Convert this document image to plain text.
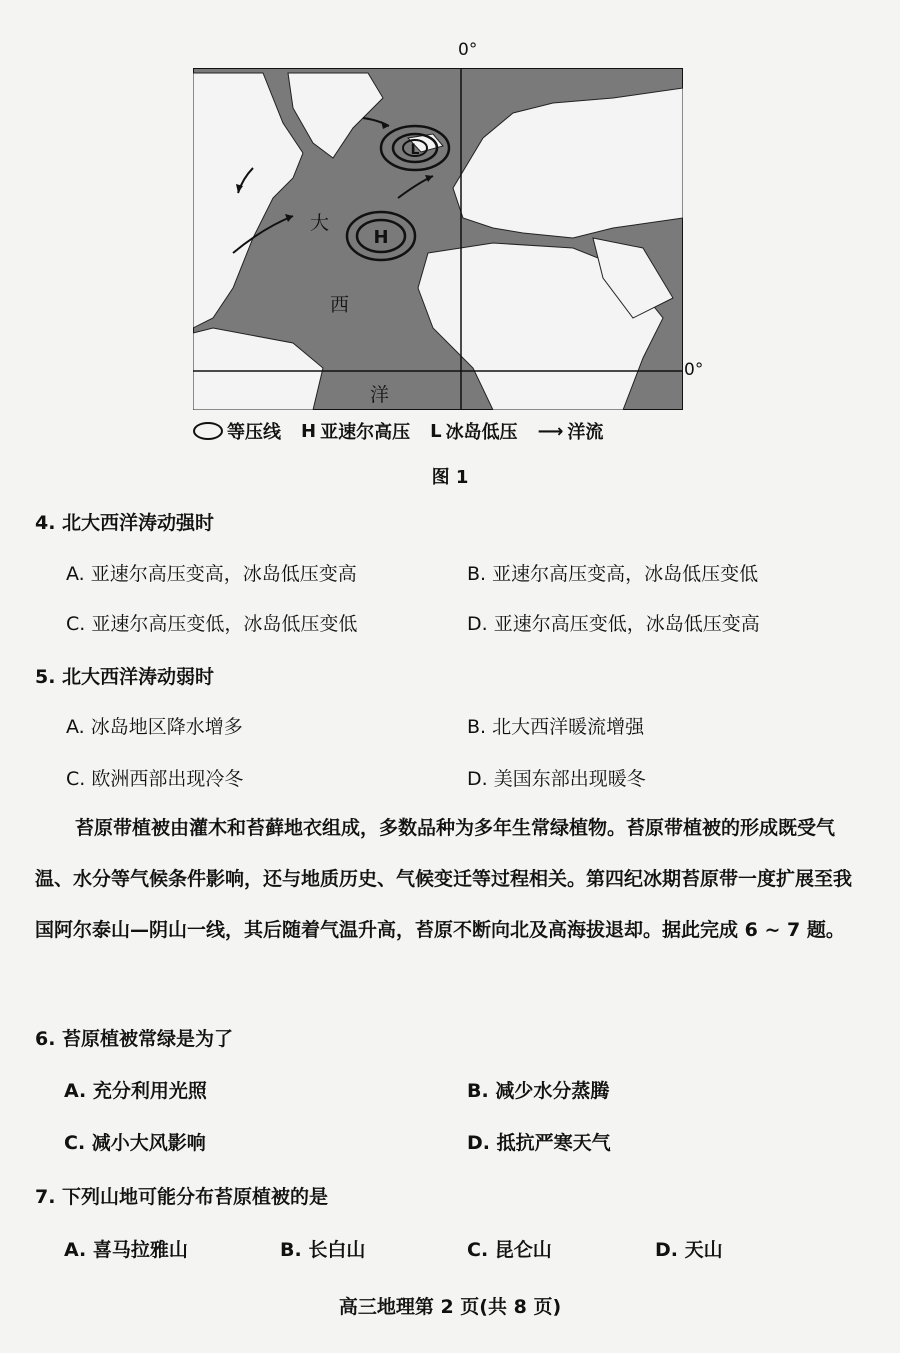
0°
H
L
大
西
洋
0°
等压线 H 亚速尔高压 L 冰岛低压 ⟶ 洋流
图 1
4. 北大西洋涛动强时
A. 亚速尔高压变高，冰岛低压变高	B. 亚速尔高压变高，冰岛低压变低
C. 亚速尔高压变低，冰岛低压变低	D. 亚速尔高压变低，冰岛低压变高
5. 北大西洋涛动弱时
A. 冰岛地区降水增多	B. 北大西洋暖流增强
C. 欧洲西部出现冷冬	D. 美国东部出现暖冬
苔原带植被由灌木和苔藓地衣组成，多数品种为多年生常绿植物。苔原带植被的形成既受气温、水分等气候条件影响，还与地质历史、气候变迁等过程相关。第四纪冰期苔原带一度扩展至我国阿尔泰山—阴山一线，其后随着气温升高，苔原不断向北及高海拔退却。据此完成 6 ~ 7 题。
6. 苔原植被常绿是为了
A. 充分利用光照	B. 减少水分蒸腾
C. 减小大风影响	D. 抵抗严寒天气
7. 下列山地可能分布苔原植被的是
A. 喜马拉雅山	B. 长白山	C. 昆仑山	D. 天山
高三地理第 2 页(共 8 页)
